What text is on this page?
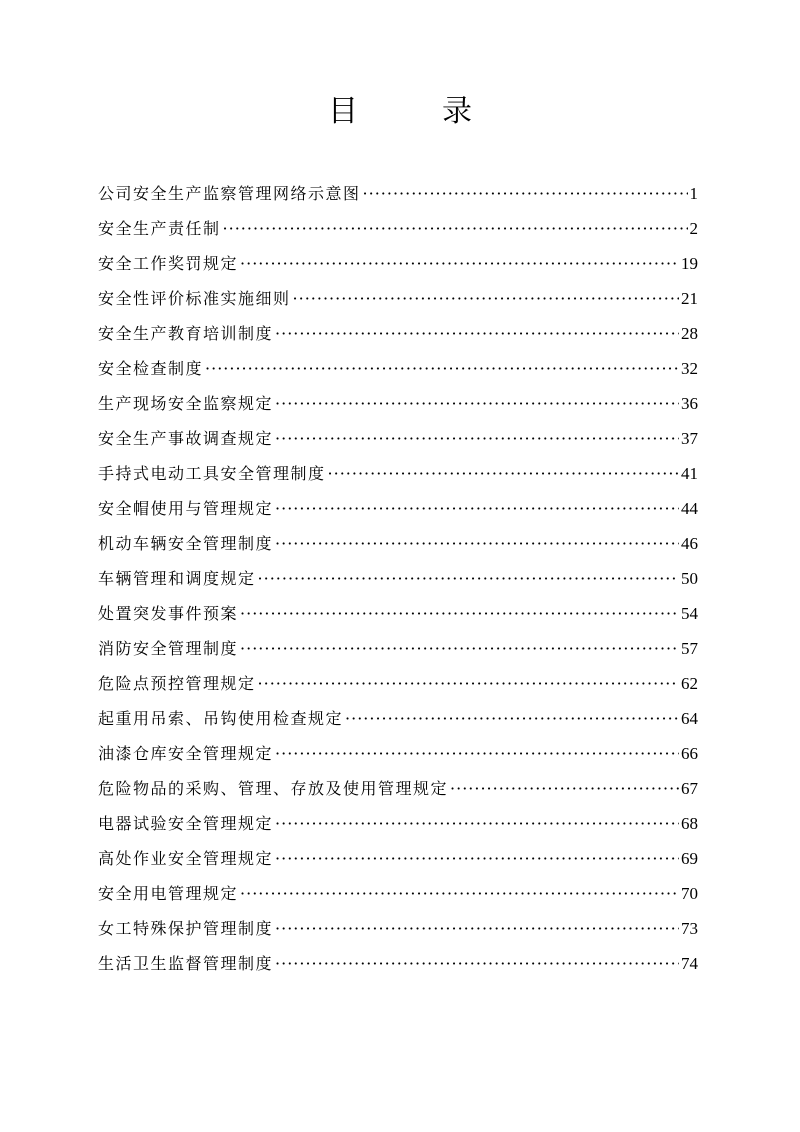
目	录
公司安全生产监察管理网络示意图 ·····	1
安全生产责任制 ·····	2
安全工作奖罚规定 ·····	19
安全性评价标准实施细则 ·····	21
安全生产教育培训制度 ·····	28
安全检查制度 ·····	32
生产现场安全监察规定 ·····	36
安全生产事故调查规定 ·····	37
手持式电动工具安全管理制度 ·····	41
安全帽使用与管理规定 ·····	44
机动车辆安全管理制度 ·····	46
车辆管理和调度规定 ·····	50
处置突发事件预案 ·····	54
消防安全管理制度 ·····	57
危险点预控管理规定 ·····	62
起重用吊索、吊钩使用检查规定 ·····	64
油漆仓库安全管理规定 ·····	66
危险物品的采购、管理、存放及使用管理规定 ·····	67
电器试验安全管理规定 ·····	68
高处作业安全管理规定 ·····	69
安全用电管理规定 ·····	70
女工特殊保护管理制度 ·····	73
生活卫生监督管理制度 ·····	74
